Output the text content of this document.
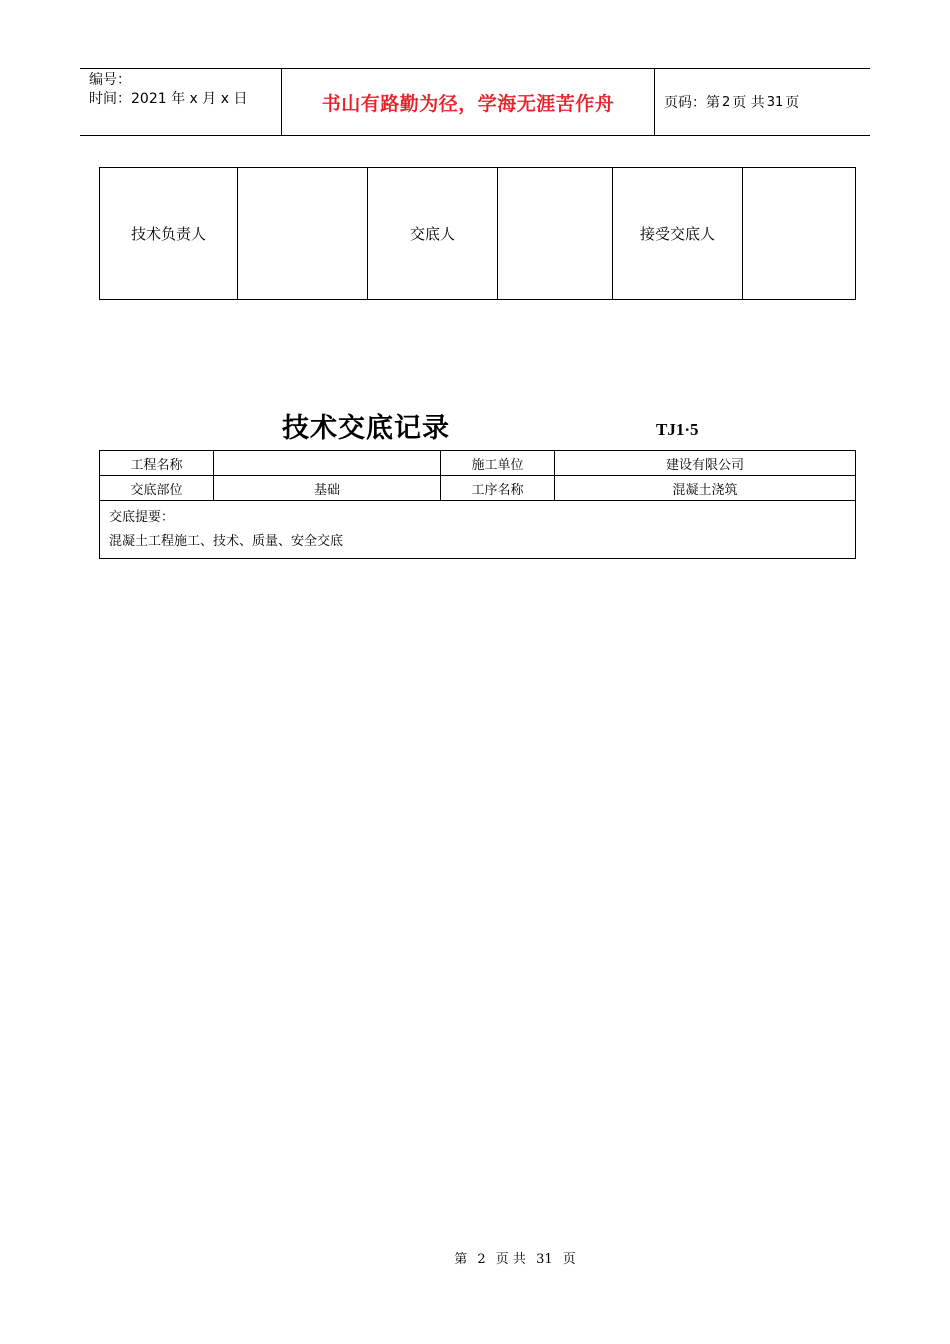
编号：
时间：2021 年 x 月 x 日	书山有路勤为径，学海无涯苦作舟	页码：第 2 页 共 31 页
技术负责人		交底人		接受交底人	
技术交底记录	TJ1·5
工程名称		施工单位	建设有限公司
交底部位	基础	工序名称	混凝土浇筑

交底提要：
混凝土工程施工、技术、质量、安全交底			
第 2 页 共 31 页
